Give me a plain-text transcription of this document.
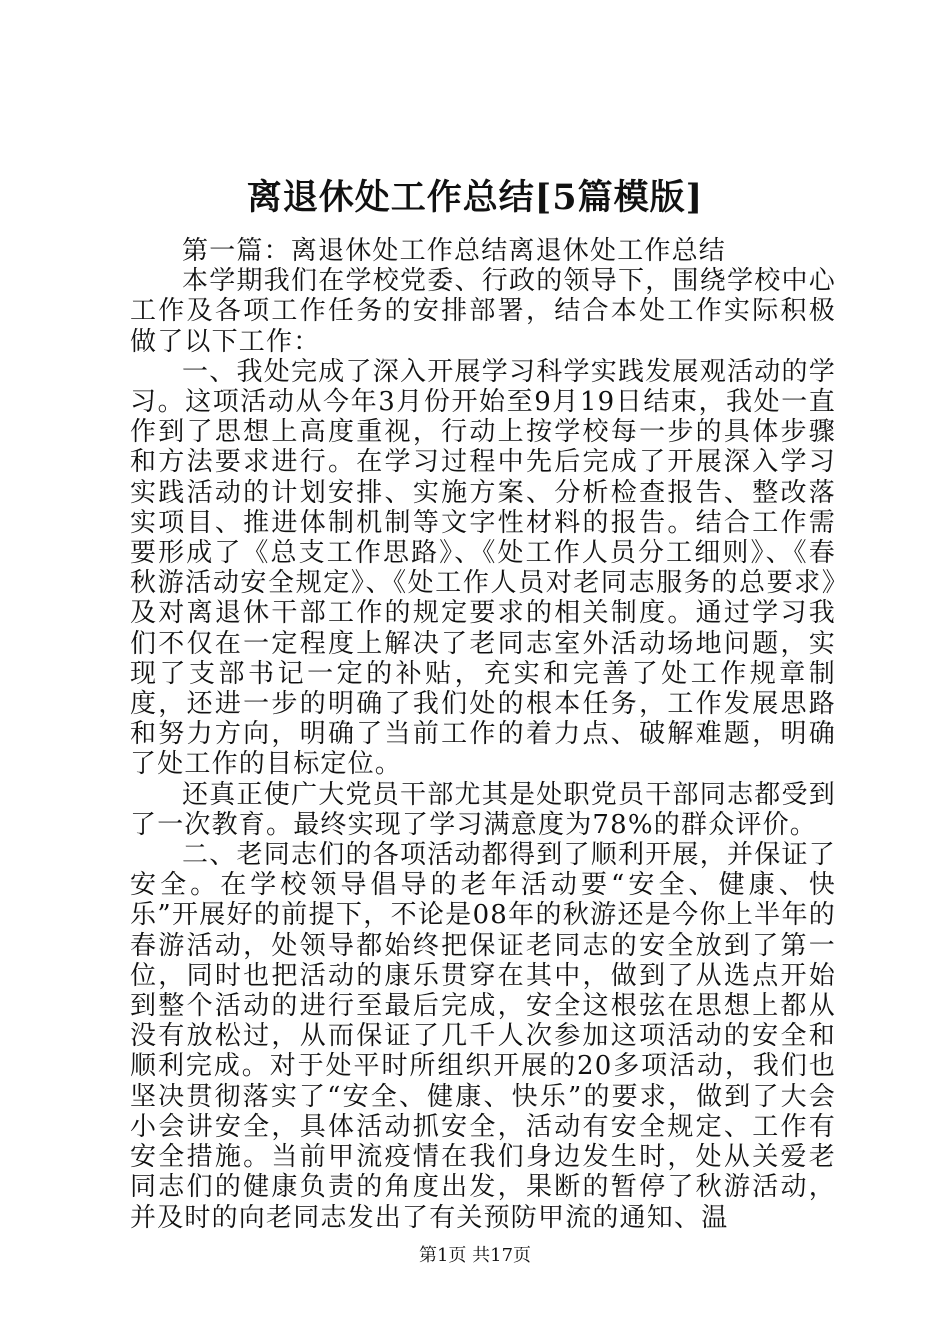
离退休处工作总结[5篇模版]

第一篇：离退休处工作总结离退休处工作总结

本学期我们在学校党委、行政的领导下，围绕学校中心工作及各项工作任务的安排部署，结合本处工作实际积极做了以下工作：

一、我处完成了深入开展学习科学实践发展观活动的学习。这项活动从今年3月份开始至9月19日结束，我处一直作到了思想上高度重视，行动上按学校每一步的具体步骤和方法要求进行。在学习过程中先后完成了开展深入学习实践活动的计划安排、实施方案、分析检查报告、整改落实项目、推进体制机制等文字性材料的报告。结合工作需要形成了《总支工作思路》、《处工作人员分工细则》、《春秋游活动安全规定》、《处工作人员对老同志服务的总要求》及对离退休干部工作的规定要求的相关制度。通过学习我们不仅在一定程度上解决了老同志室外活动场地问题，实现了支部书记一定的补贴，充实和完善了处工作规章制度，还进一步的明确了我们处的根本任务，工作发展思路和努力方向，明确了当前工作的着力点、破解难题，明确了处工作的目标定位。

还真正使广大党员干部尤其是处职党员干部同志都受到了一次教育。最终实现了学习满意度为78%的群众评价。

二、老同志们的各项活动都得到了顺利开展，并保证了安全。在学校领导倡导的老年活动要“安全、健康、快乐”开展好的前提下，不论是08年的秋游还是今你上半年的春游活动，处领导都始终把保证老同志的安全放到了第一位，同时也把活动的康乐贯穿在其中，做到了从选点开始到整个活动的进行至最后完成，安全这根弦在思想上都从没有放松过，从而保证了几千人次参加这项活动的安全和顺利完成。对于处平时所组织开展的20多项活动，我们也坚决贯彻落实了“安全、健康、快乐”的要求，做到了大会小会讲安全，具体活动抓安全，活动有安全规定、工作有安全措施。当前甲流疫情在我们身边发生时，处从关爱老同志们的健康负责的角度出发，果断的暂停了秋游活动，并及时的向老同志发出了有关预防甲流的通知、温

第1页 共17页
